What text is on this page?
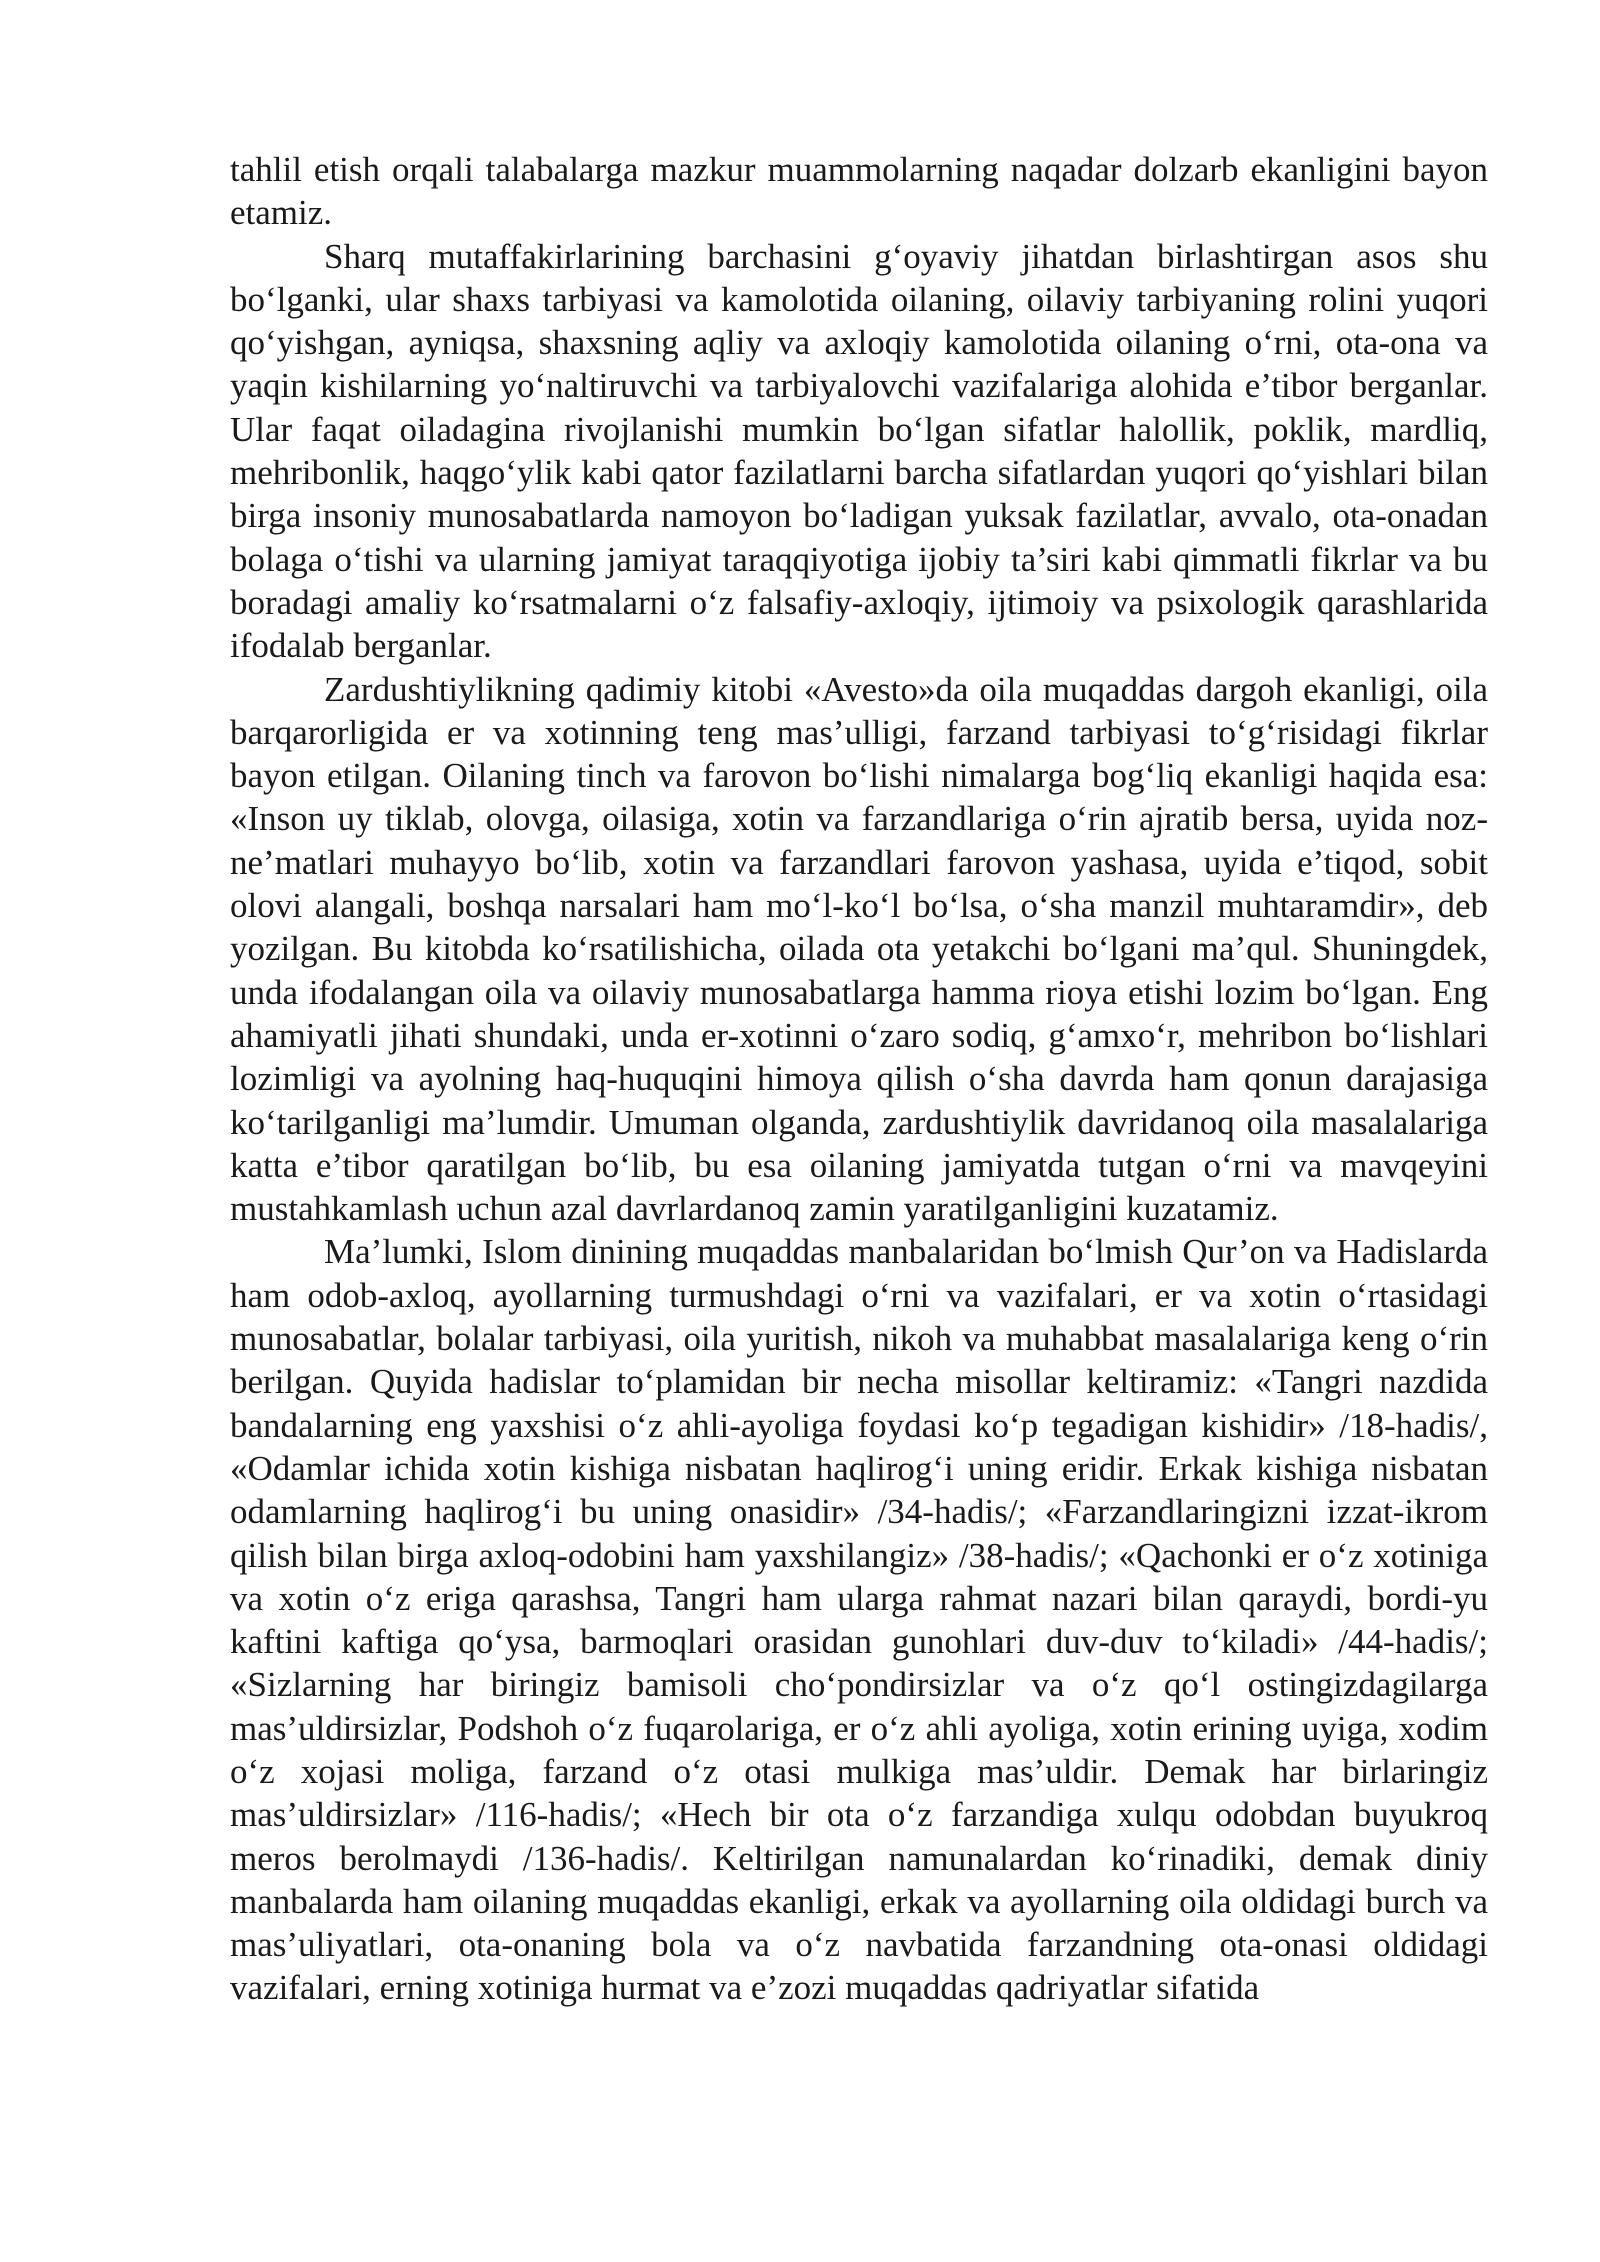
tahlil etish orqali talabalarga mazkur muammolarning naqadar dolzarb ekanligini bayon etamiz.

Sharq mutaffakirlarining barchasini g‘oyaviy jihatdan birlashtirgan asos shu bo‘lganki, ular shaxs tarbiyasi va kamolotida oilaning, oilaviy tarbiyaning rolini yuqori qo‘yishgan, ayniqsa, shaxsning aqliy va axloqiy kamolotida oilaning o‘rni, ota-ona va yaqin kishilarning yo‘naltiruvchi va tarbiyalovchi vazifalariga alohida e’tibor berganlar. Ular faqat oiladagina rivojlanishi mumkin bo‘lgan sifatlar halollik, poklik, mardliq, mehribonlik, haqgo‘ylik kabi qator fazilatlarni barcha sifatlardan yuqori qo‘yishlari bilan birga insoniy munosabatlarda namoyon bo‘ladigan yuksak fazilatlar, avvalo, ota-onadan bolaga o‘tishi va ularning jamiyat taraqqiyotiga ijobiy ta’siri kabi qimmatli fikrlar va bu boradagi amaliy ko‘rsatmalarni o‘z falsafiy-axloqiy, ijtimoiy va psixologik qarashlarida ifodalab berganlar.

Zardushtiylikning qadimiy kitobi «Avesto»da oila muqaddas dargoh ekanligi, oila barqarorligida er va xotinning teng mas’ulligi, farzand tarbiyasi to‘g‘risidagi fikrlar bayon etilgan. Oilaning tinch va farovon bo‘lishi nimalarga bog‘liq ekanligi haqida esa: «Inson uy tiklab, olovga, oilasiga, xotin va farzandlariga o‘rin ajratib bersa, uyida noz-ne’matlari muhayyo bo‘lib, xotin va farzandlari farovon yashasa, uyida e’tiqod, sobit olovi alangali, boshqa narsalari ham mo‘l-ko‘l bo‘lsa, o‘sha manzil muhtaramdir», deb yozilgan. Bu kitobda ko‘rsatilishicha, oilada ota yetakchi bo‘lgani ma’qul. Shuningdek, unda ifodalangan oila va oilaviy munosabatlarga hamma rioya etishi lozim bo‘lgan. Eng ahamiyatli jihati shundaki, unda er-xotinni o‘zaro sodiq, g‘amxo‘r, mehribon bo‘lishlari lozimligi va ayolning haq-huquqini himoya qilish o‘sha davrda ham qonun darajasiga ko‘tarilganligi ma’lumdir. Umuman olganda, zardushtiylik davridanoq oila masalalariga katta e’tibor qaratilgan bo‘lib, bu esa oilaning jamiyatda tutgan o‘rni va mavqeyini mustahkamlash uchun azal davrlardanoq zamin yaratilganligini kuzatamiz.

Ma’lumki, Islom dinining muqaddas manbalaridan bo‘lmish Qur’on va Hadislarda ham odob-axloq, ayollarning turmushdagi o‘rni va vazifalari, er va xotin o‘rtasidagi munosabatlar, bolalar tarbiyasi, oila yuritish, nikoh va muhabbat masalalariga keng o‘rin berilgan. Quyida hadislar to‘plamidan bir necha misollar keltiramiz: «Tangri nazdida bandalarning eng yaxshisi o‘z ahli-ayoliga foydasi ko‘p tegadigan kishidir» /18-hadis/, «Odamlar ichida xotin kishiga nisbatan haqlirog‘i uning eridir. Erkak kishiga nisbatan odamlarning haqlirog‘i bu uning onasidir» /34-hadis/; «Farzandlaringizni izzat-ikrom qilish bilan birga axloq-odobini ham yaxshilangiz» /38-hadis/; «Qachonki er o‘z xotiniga va xotin o‘z eriga qarashsa, Tangri ham ularga rahmat nazari bilan qaraydi, bordi-yu kaftini kaftiga qo‘ysa, barmoqlari orasidan gunohlari duv-duv to‘kiladi» /44-hadis/; «Sizlarning har biringiz bamisoli cho‘pondirsizlar va o‘z qo‘l ostingizdagilarga mas’uldirsizlar, Podshoh o‘z fuqarolariga, er o‘z ahli ayoliga, xotin erining uyiga, xodim o‘z xojasi moliga, farzand o‘z otasi mulkiga mas’uldir. Demak har birlaringiz mas’uldirsizlar» /116-hadis/; «Hech bir ota o‘z farzandiga xulqu odobdan buyukroq meros berolmaydi /136-hadis/. Keltirilgan namunalardan ko‘rinadiki, demak diniy manbalarda ham oilaning muqaddas ekanligi, erkak va ayollarning oila oldidagi burch va mas’uliyatlari, ota-onaning bola va o‘z navbatida farzandning ota-onasi oldidagi vazifalari, erning xotiniga hurmat va e’zozi muqaddas qadriyatlar sifatida
